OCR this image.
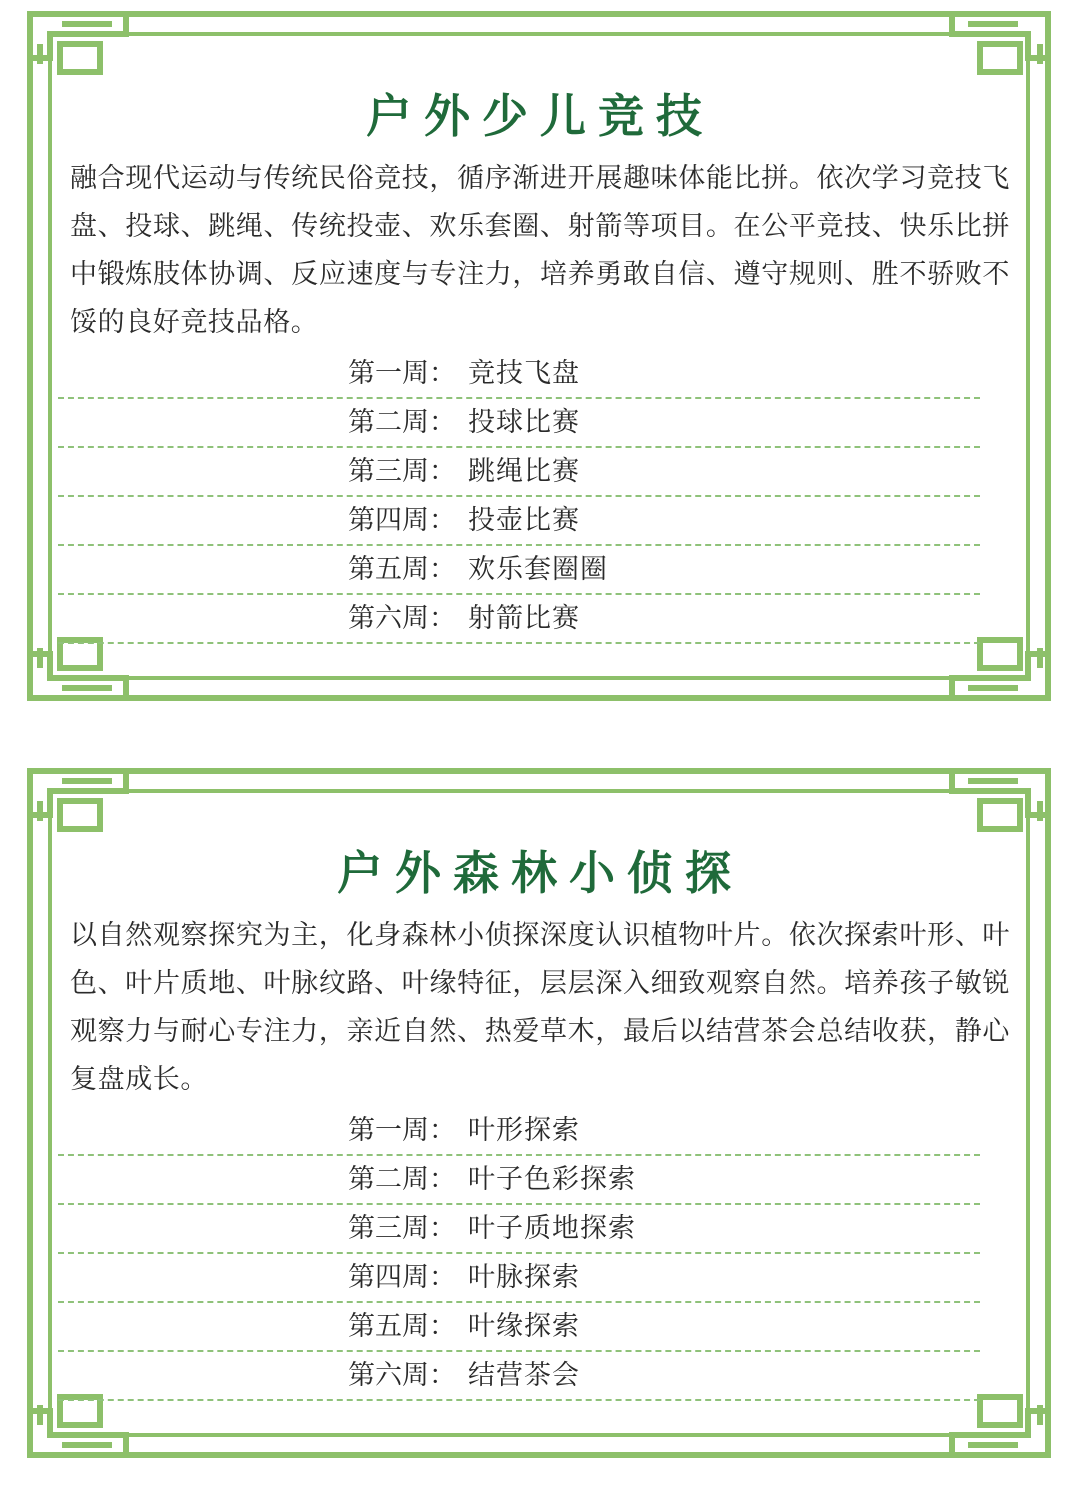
户外少儿竞技

融合现代运动与传统民俗竞技，循序渐进开展趣味体能比拼。依次学习竞技飞盘、投球、跳绳、传统投壶、欢乐套圈、射箭等项目。在公平竞技、快乐比拼中锻炼肢体协调、反应速度与专注力，培养勇敢自信、遵守规则、胜不骄败不馁的良好竞技品格。

第一周： 竞技飞盘
第二周： 投球比赛
第三周： 跳绳比赛
第四周： 投壶比赛
第五周： 欢乐套圈圈
第六周： 射箭比赛
户外森林小侦探

以自然观察探究为主，化身森林小侦探深度认识植物叶片。依次探索叶形、叶色、叶片质地、叶脉纹路、叶缘特征，层层深入细致观察自然。培养孩子敏锐观察力与耐心专注力，亲近自然、热爱草木，最后以结营茶会总结收获，静心复盘成长。

第一周： 叶形探索
第二周： 叶子色彩探索
第三周： 叶子质地探索
第四周： 叶脉探索
第五周： 叶缘探索
第六周： 结营茶会
